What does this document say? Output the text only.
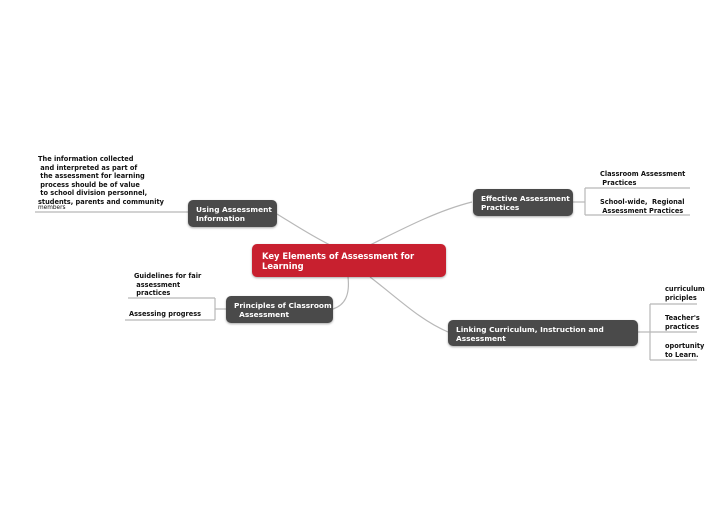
Key Elements of Assessment for
Learning
Using Assessment
Information
Effective Assessment
Practices
Principles of Classroom
Assessment
Linking Curriculum, Instruction and
Assessment
The information collected
and interpreted as part of
the assessment for learning
process should be of value
to school division personnel,
students, parents and community
members
Classroom Assessment
Practices
School-wide,  Regional
Assessment Practices
Guidelines for fair
assessment
practices
Assessing progress
curriculum
priciples
Teacher's
practices
oportunity
to Learn.
